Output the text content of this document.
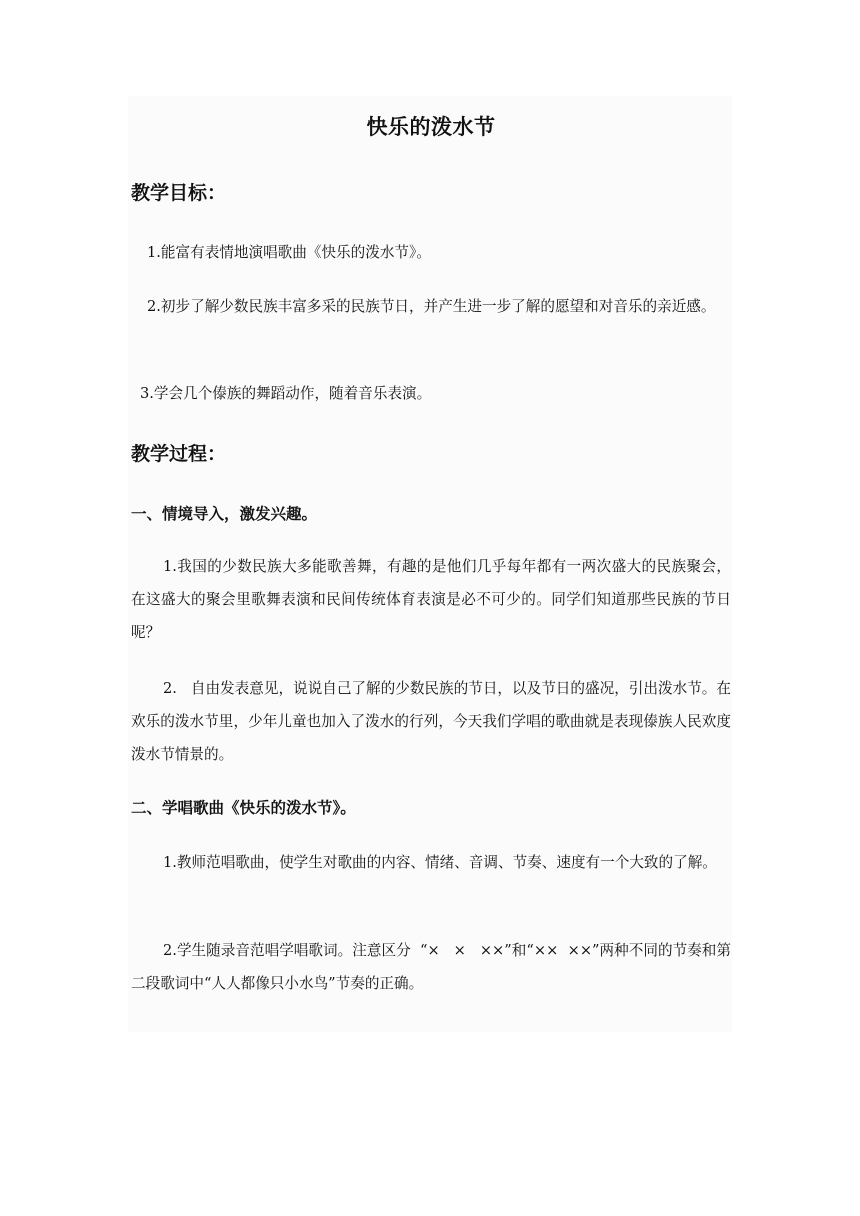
快乐的泼水节
教学目标：
1.能富有表情地演唱歌曲《快乐的泼水节》。
2.初步了解少数民族丰富多采的民族节日，并产生进一步了解的愿望和对音乐的亲近感。
3.学会几个傣族的舞蹈动作，随着音乐表演。
教学过程：
一、情境导入，激发兴趣。
1.我国的少数民族大多能歌善舞，有趣的是他们几乎每年都有一两次盛大的民族聚会，在这盛大的聚会里歌舞表演和民间传统体育表演是必不可少的。同学们知道那些民族的节日呢？
2.   自由发表意见，说说自己了解的少数民族的节日，以及节日的盛况，引出泼水节。在欢乐的泼水节里，少年儿童也加入了泼水的行列，今天我们学唱的歌曲就是表现傣族人民欢度泼水节情景的。
二、学唱歌曲《快乐的泼水节》。
1.教师范唱歌曲，使学生对歌曲的内容、情绪、音调、节奏、速度有一个大致的了解。
2.学生随录音范唱学唱歌词。注意区分  “×   ×   ××”和“××  ××”两种不同的节奏和第二段歌词中“人人都像只小水鸟”节奏的正确。
